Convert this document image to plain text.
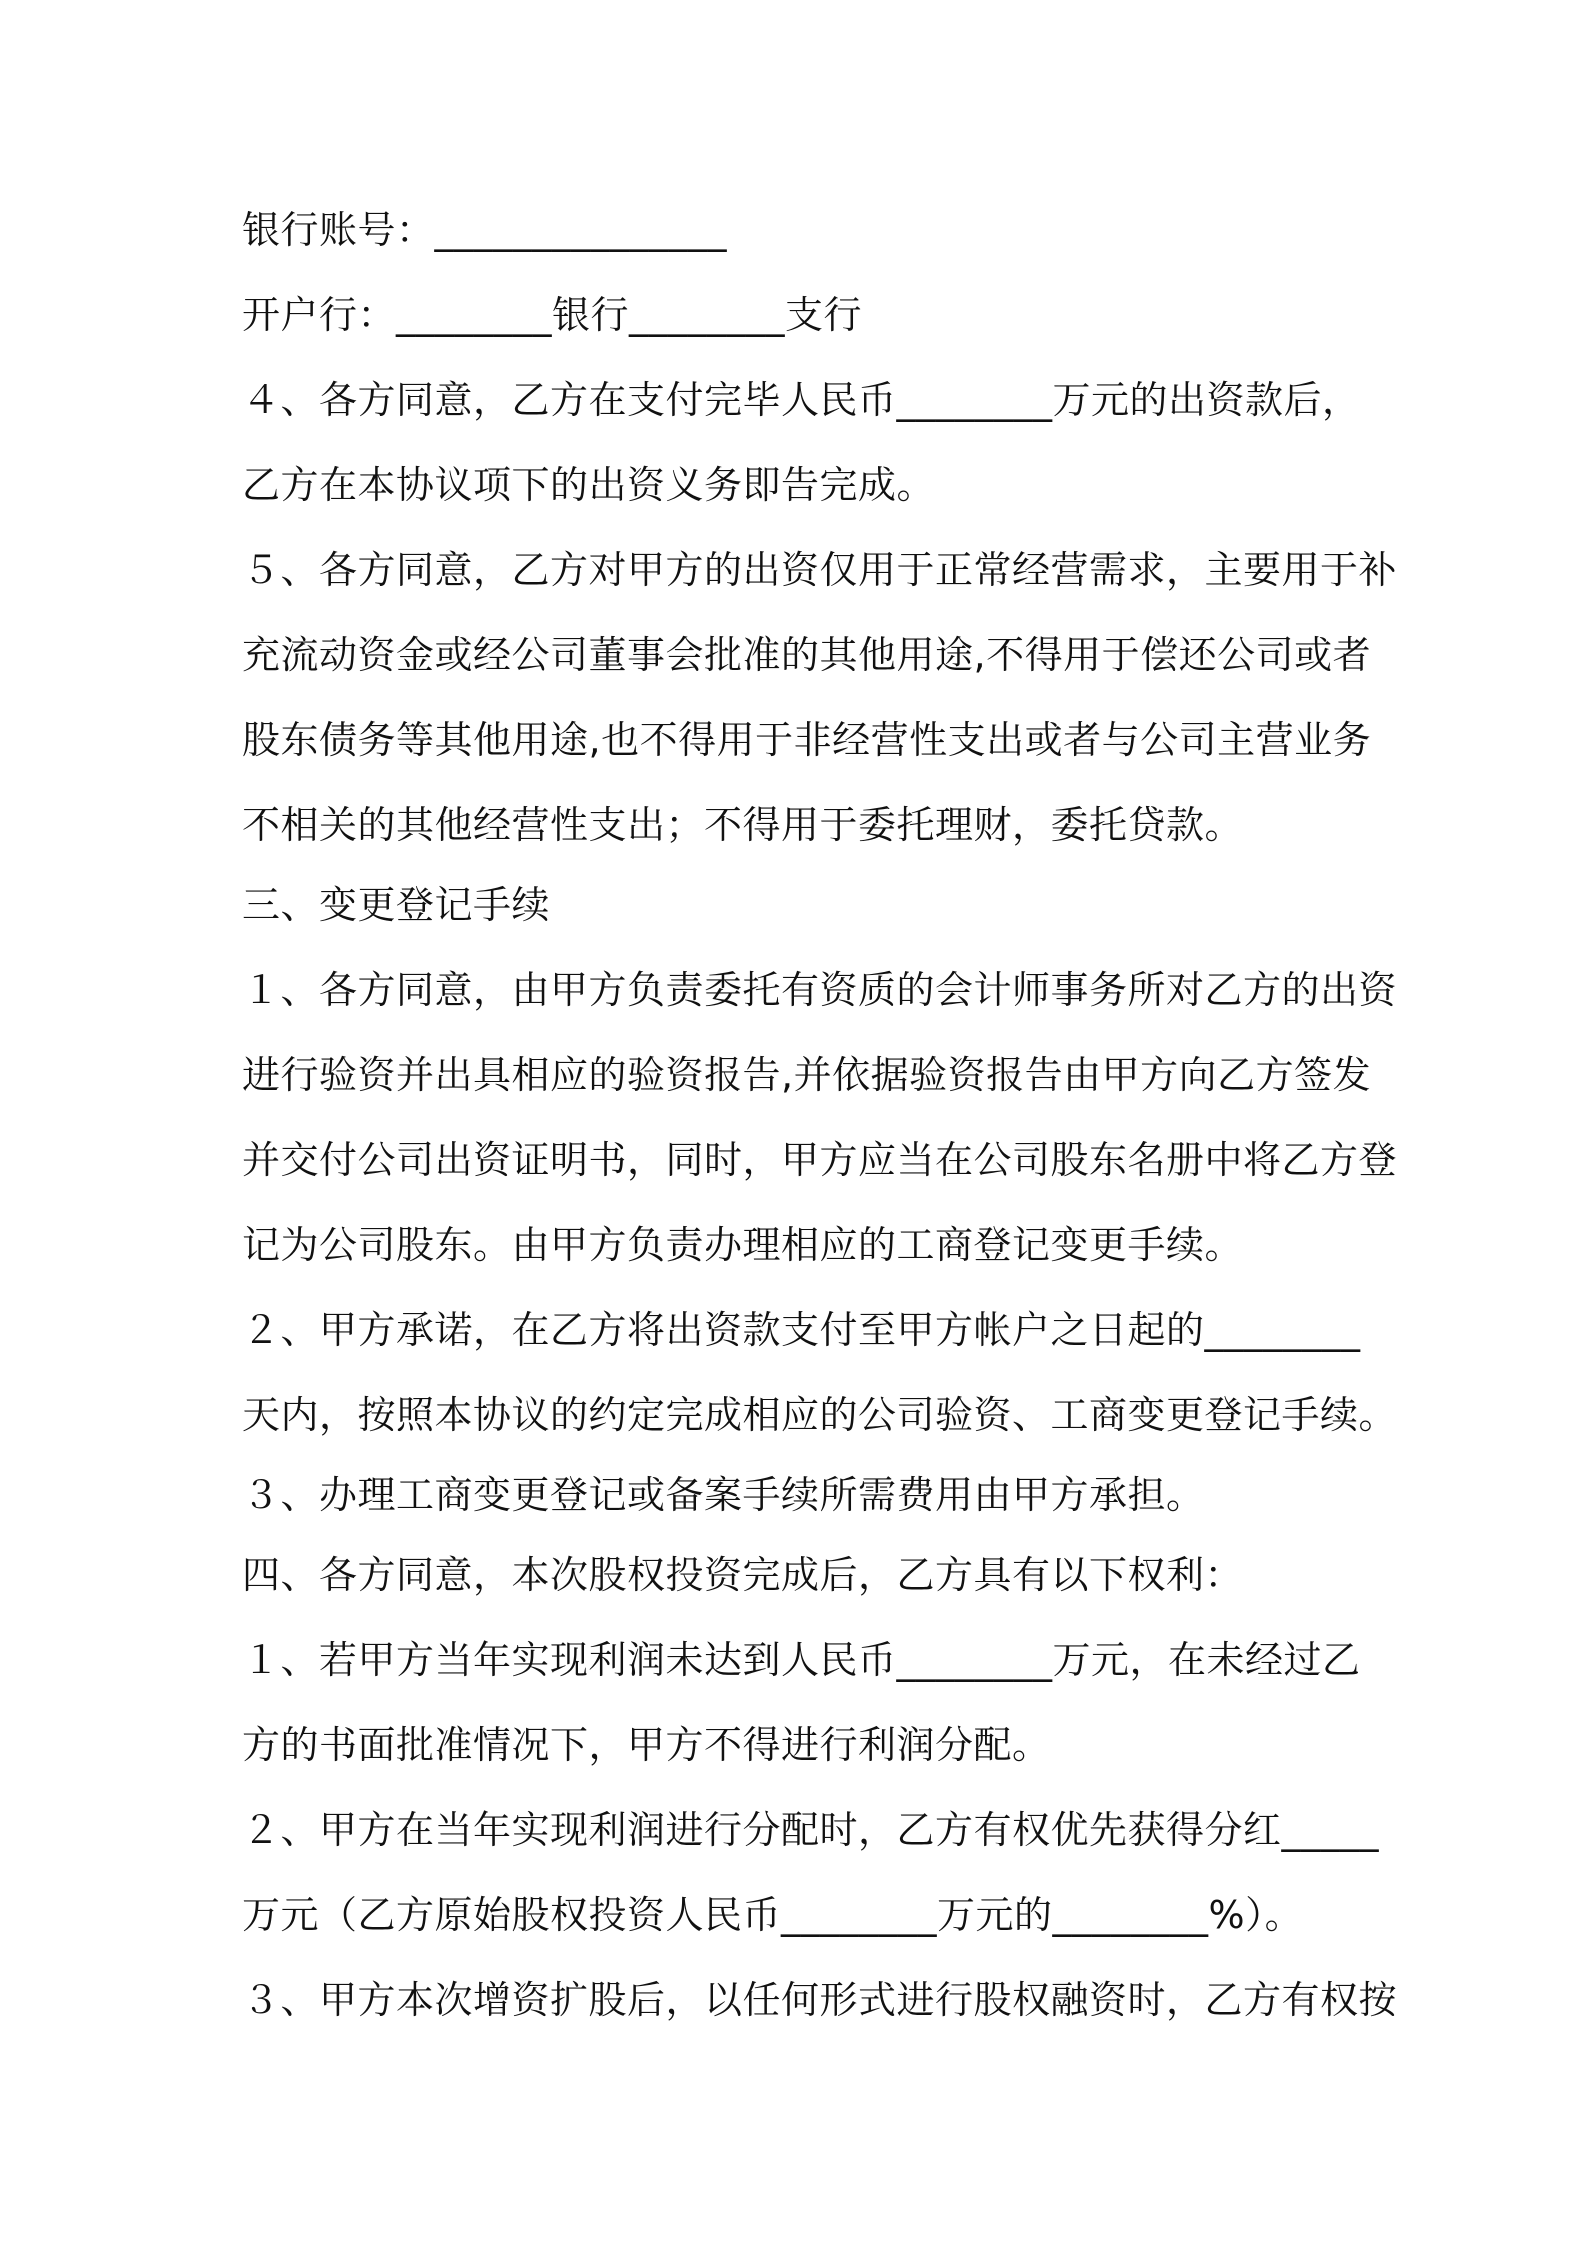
银行账号：_______________
开户行：________银行________支行
４、各方同意，乙方在支付完毕人民币________万元的出资款后，
乙方在本协议项下的出资义务即告完成。
５、各方同意，乙方对甲方的出资仅用于正常经营需求，主要用于补
充流动资金或经公司董事会批准的其他用途,不得用于偿还公司或者
股东债务等其他用途,也不得用于非经营性支出或者与公司主营业务
不相关的其他经营性支出；不得用于委托理财，委托贷款。
三、变更登记手续
１、各方同意，由甲方负责委托有资质的会计师事务所对乙方的出资
进行验资并出具相应的验资报告,并依据验资报告由甲方向乙方签发
并交付公司出资证明书，同时，甲方应当在公司股东名册中将乙方登
记为公司股东。由甲方负责办理相应的工商登记变更手续。
２、甲方承诺，在乙方将出资款支付至甲方帐户之日起的________
天内，按照本协议的约定完成相应的公司验资、工商变更登记手续。
３、办理工商变更登记或备案手续所需费用由甲方承担。
四、各方同意，本次股权投资完成后，乙方具有以下权利：
１、若甲方当年实现利润未达到人民币________万元，在未经过乙
方的书面批准情况下，甲方不得进行利润分配。
２、甲方在当年实现利润进行分配时，乙方有权优先获得分红_____
万元（乙方原始股权投资人民币________万元的________%）。
３、甲方本次增资扩股后，以任何形式进行股权融资时，乙方有权按
